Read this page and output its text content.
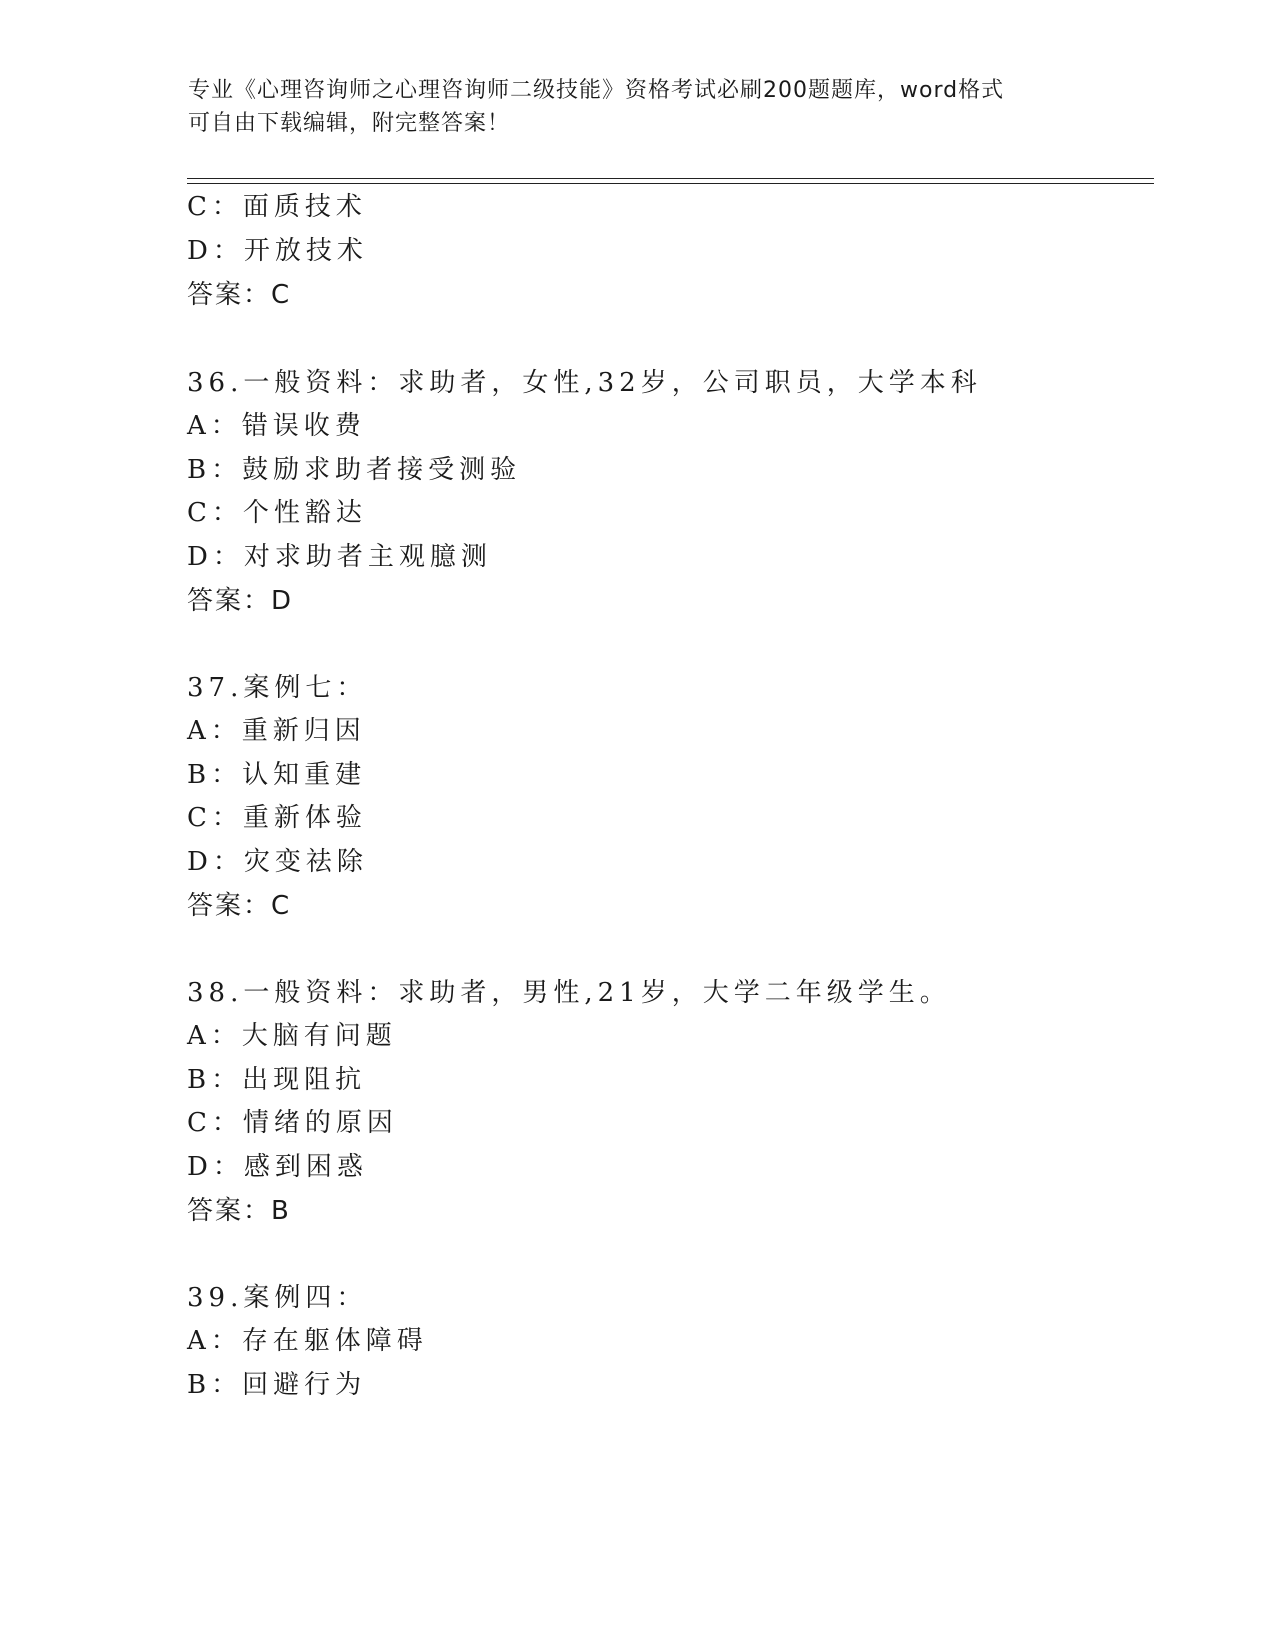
专业《心理咨询师之心理咨询师二级技能》资格考试必刷200题题库，word格式
可自由下载编辑，附完整答案！
C：面质技术
D：开放技术
答案：C
36.一般资料：求助者，女性,32岁，公司职员，大学本科
A：错误收费
B：鼓励求助者接受测验
C：个性豁达
D：对求助者主观臆测
答案：D
37.案例七：
A：重新归因
B：认知重建
C：重新体验
D：灾变祛除
答案：C
38.一般资料：求助者，男性,21岁，大学二年级学生。
A：大脑有问题
B：出现阻抗
C：情绪的原因
D：感到困惑
答案：B
39.案例四：
A：存在躯体障碍
B：回避行为
